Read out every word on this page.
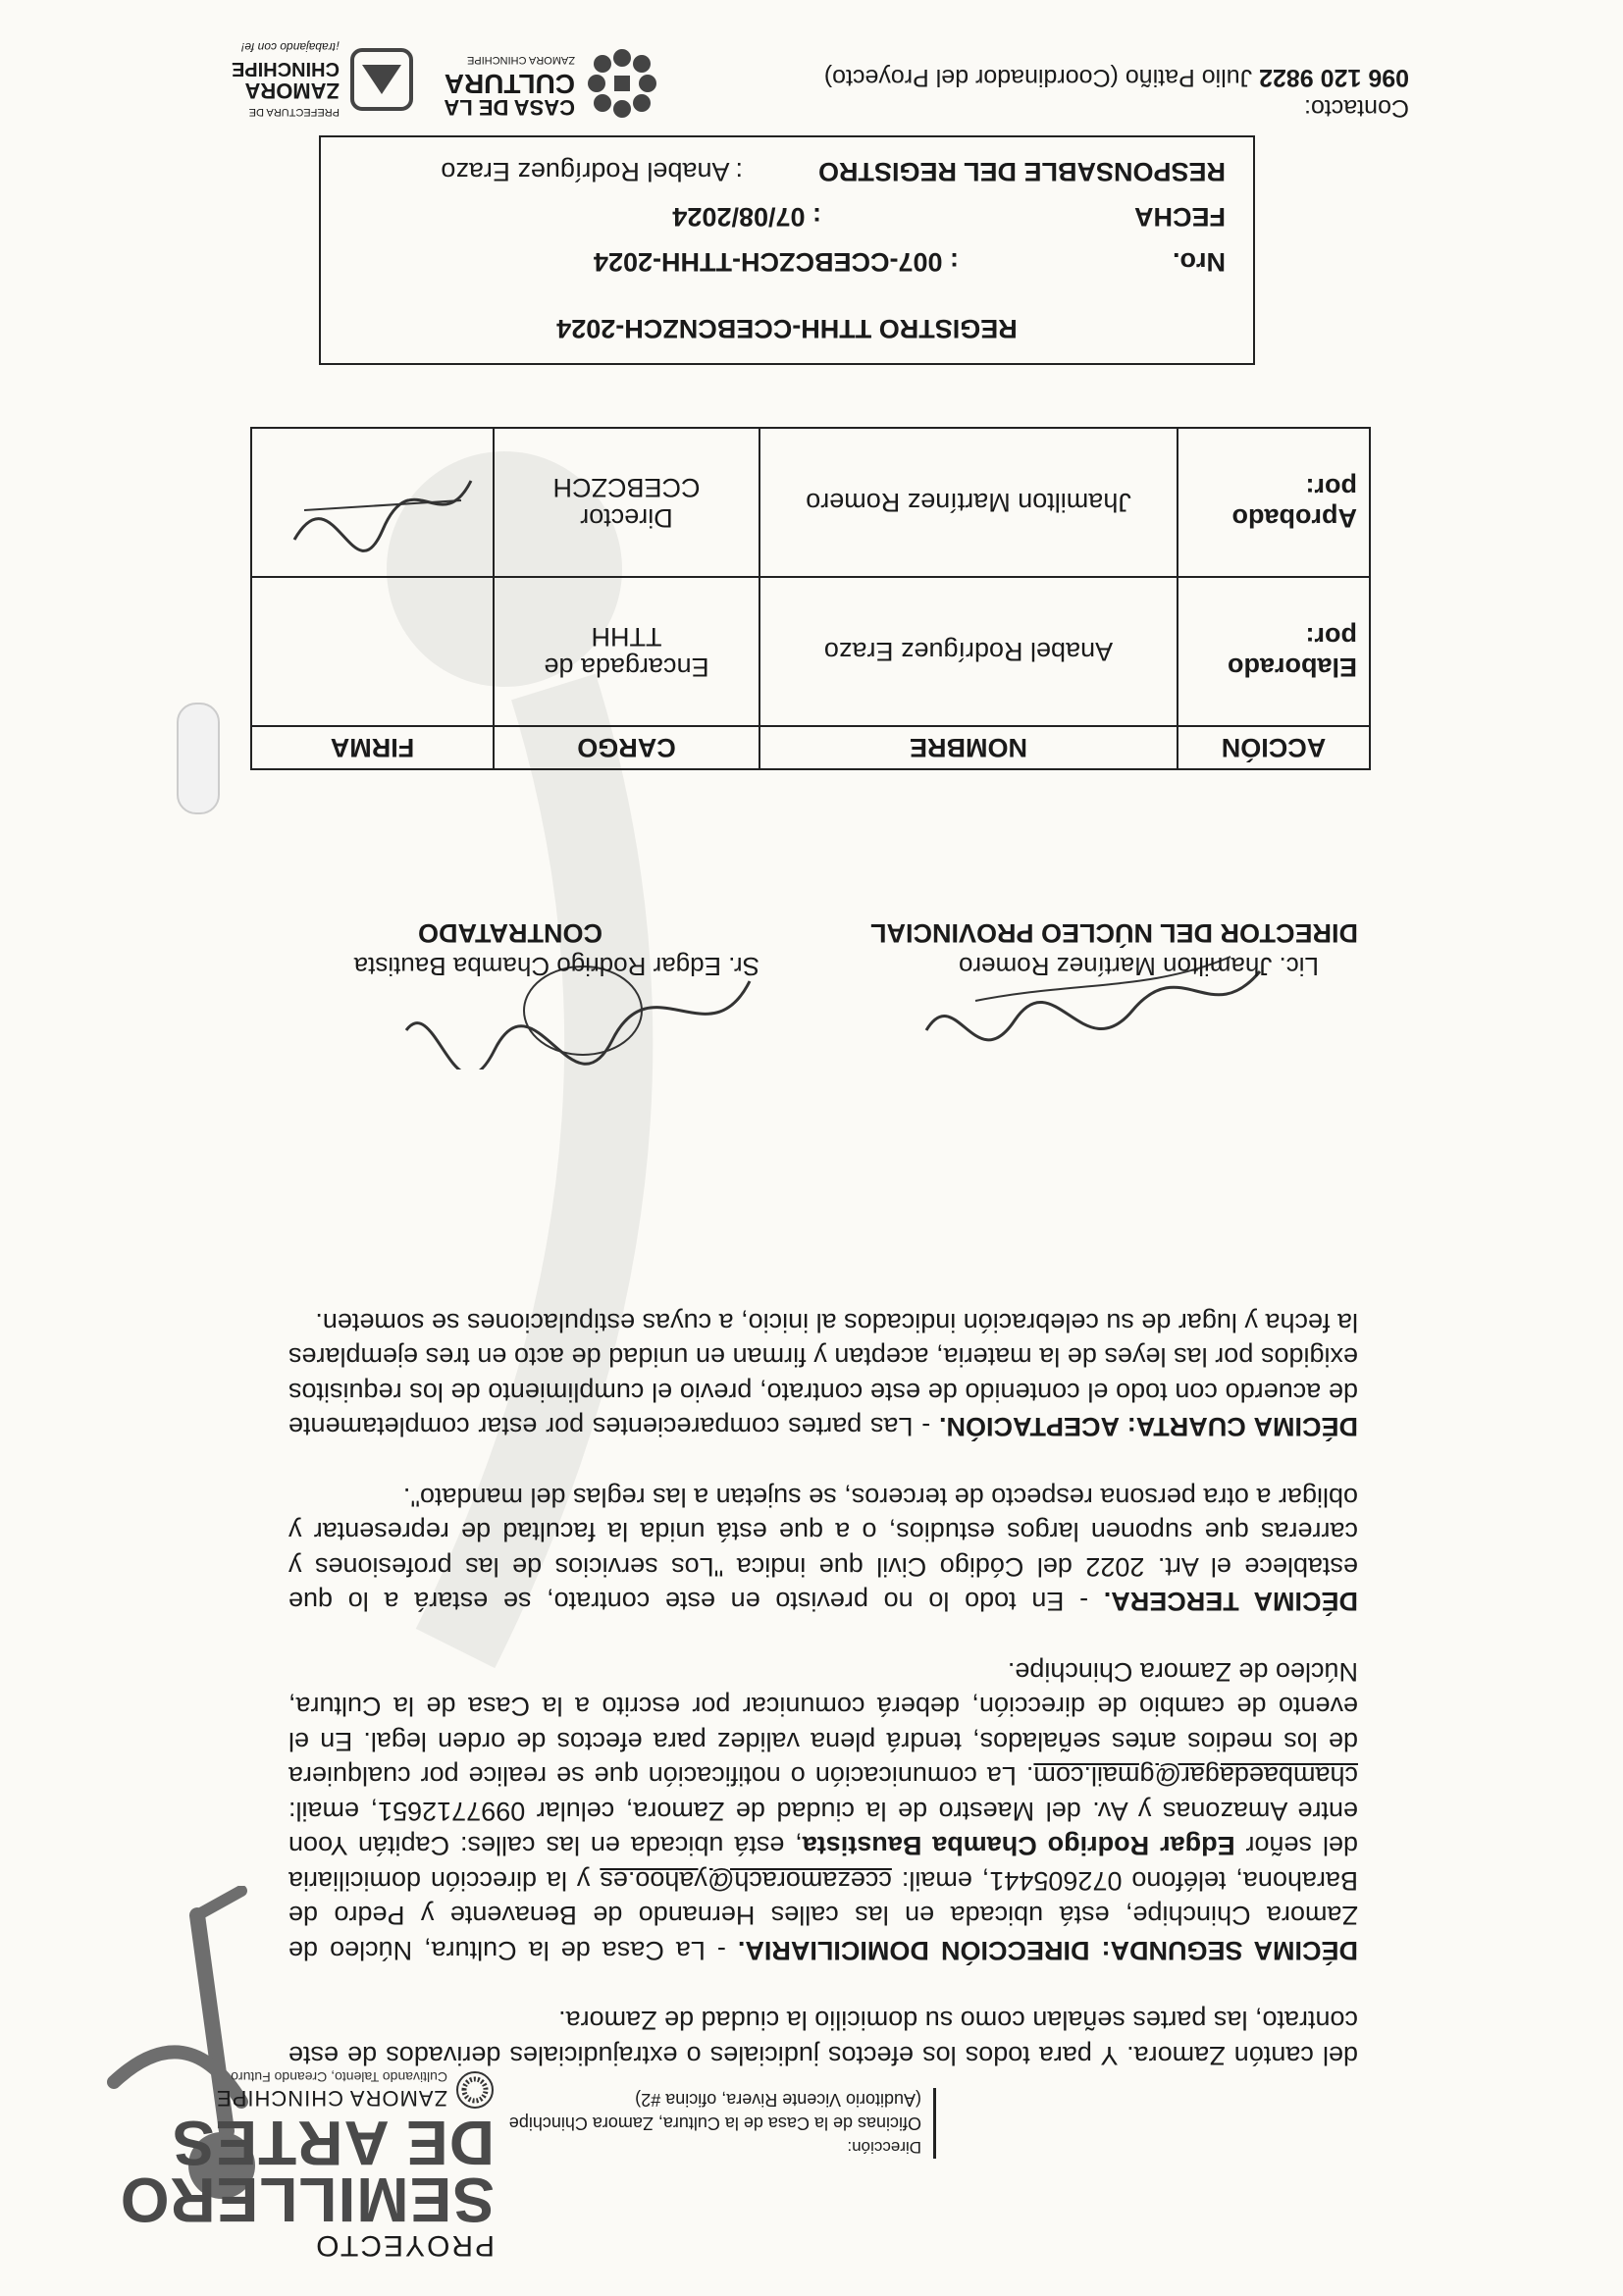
PROYECTO
SEMILLERO
DE ARTES
ZAMORA CHINCHIPE
Cultivando Talento, Creando Futuro
Dirección:
Oficinas de la Casa de la Cultura, Zamora Chinchipe
(Auditorio Vicente Rivera, oficina #2)

del cantón Zamora. Y para todos los efectos judiciales o extrajudiciales derivados de este contrato, las partes señalan como su domicilio la ciudad de Zamora.

DÉCIMA SEGUNDA: DIRECCIÓN DOMICILIARIA. - La Casa de la Cultura, Núcleo de Zamora Chinchipe, está ubicada en las calles Hernando de Benavente y Pedro de Barahona, teléfono 072605441, email: ccezamorach@yahoo.es y la dirección domiciliaria del señor Edgar Rodrigo Chamba Baustista, está ubicada en las calles: Capitán Yoon entre Amazonas y Av. del Maestro de la ciudad de Zamora, celular 0997712651, email: chambaedagar@gmail.com. La comunicación o notificación que se realice por cualquiera de los medios antes señalados, tendrá plena validez para efectos de orden legal. En el evento de cambio de dirección, deberá comunicar por escrito a la Casa de la Cultura, Núcleo de Zamora Chinchipe.

DÉCIMA TERCERA. - En todo lo no previsto en este contrato, se estará a lo que establece el Art. 2022 del Código Civil que indica "Los servicios de las profesiones y carreras que suponen largos estudios, o a que está unida la facultad de representar y obligar a otra persona respecto de terceros, se sujetan a las reglas del mandato".

DÉCIMA CUARTA: ACEPTACIÓN. - Las partes comparecientes por estar completamente de acuerdo con todo el contenido de este contrato, previo el cumplimiento de los requisitos exigidos por las leyes de la materia, aceptan y firman en unidad de acto en tres ejemplares la fecha y lugar de su celebración indicados al inicio, a cuyas estipulaciones se someten.

Lic. Jhamilton Martínez Romero
DIRECTOR DEL NÚCLEO PROVINCIAL
Sr. Edgar Rodrigo Chamba Bautista
CONTRATADO
ACCIÓN	NOMBRE	CARGO	FIRMA
Elaborado por:	Anabel Rodríguez Erazo	Encargada de TTHH	
Aprobado por:	Jhamilton Martínez Romero	Director CCEBCZCH	
REGISTRO TTHH-CCEBCNZCH-2024
Nro.
: 007-CCEBCZCH-TTHH-2024
FECHA
: 07/08/2024
RESPONSABLE DEL REGISTRO
: Anabel Rodríguez Erazo
Contacto:
096 120 9822 Julio Patiño (Coordinador del Proyecto)
CASA DE LA
CULTURA
ZAMORA CHINCHIPE
PREFECTURA DE
ZAMORA
CHINCHIPE
¡trabajando con fe!
